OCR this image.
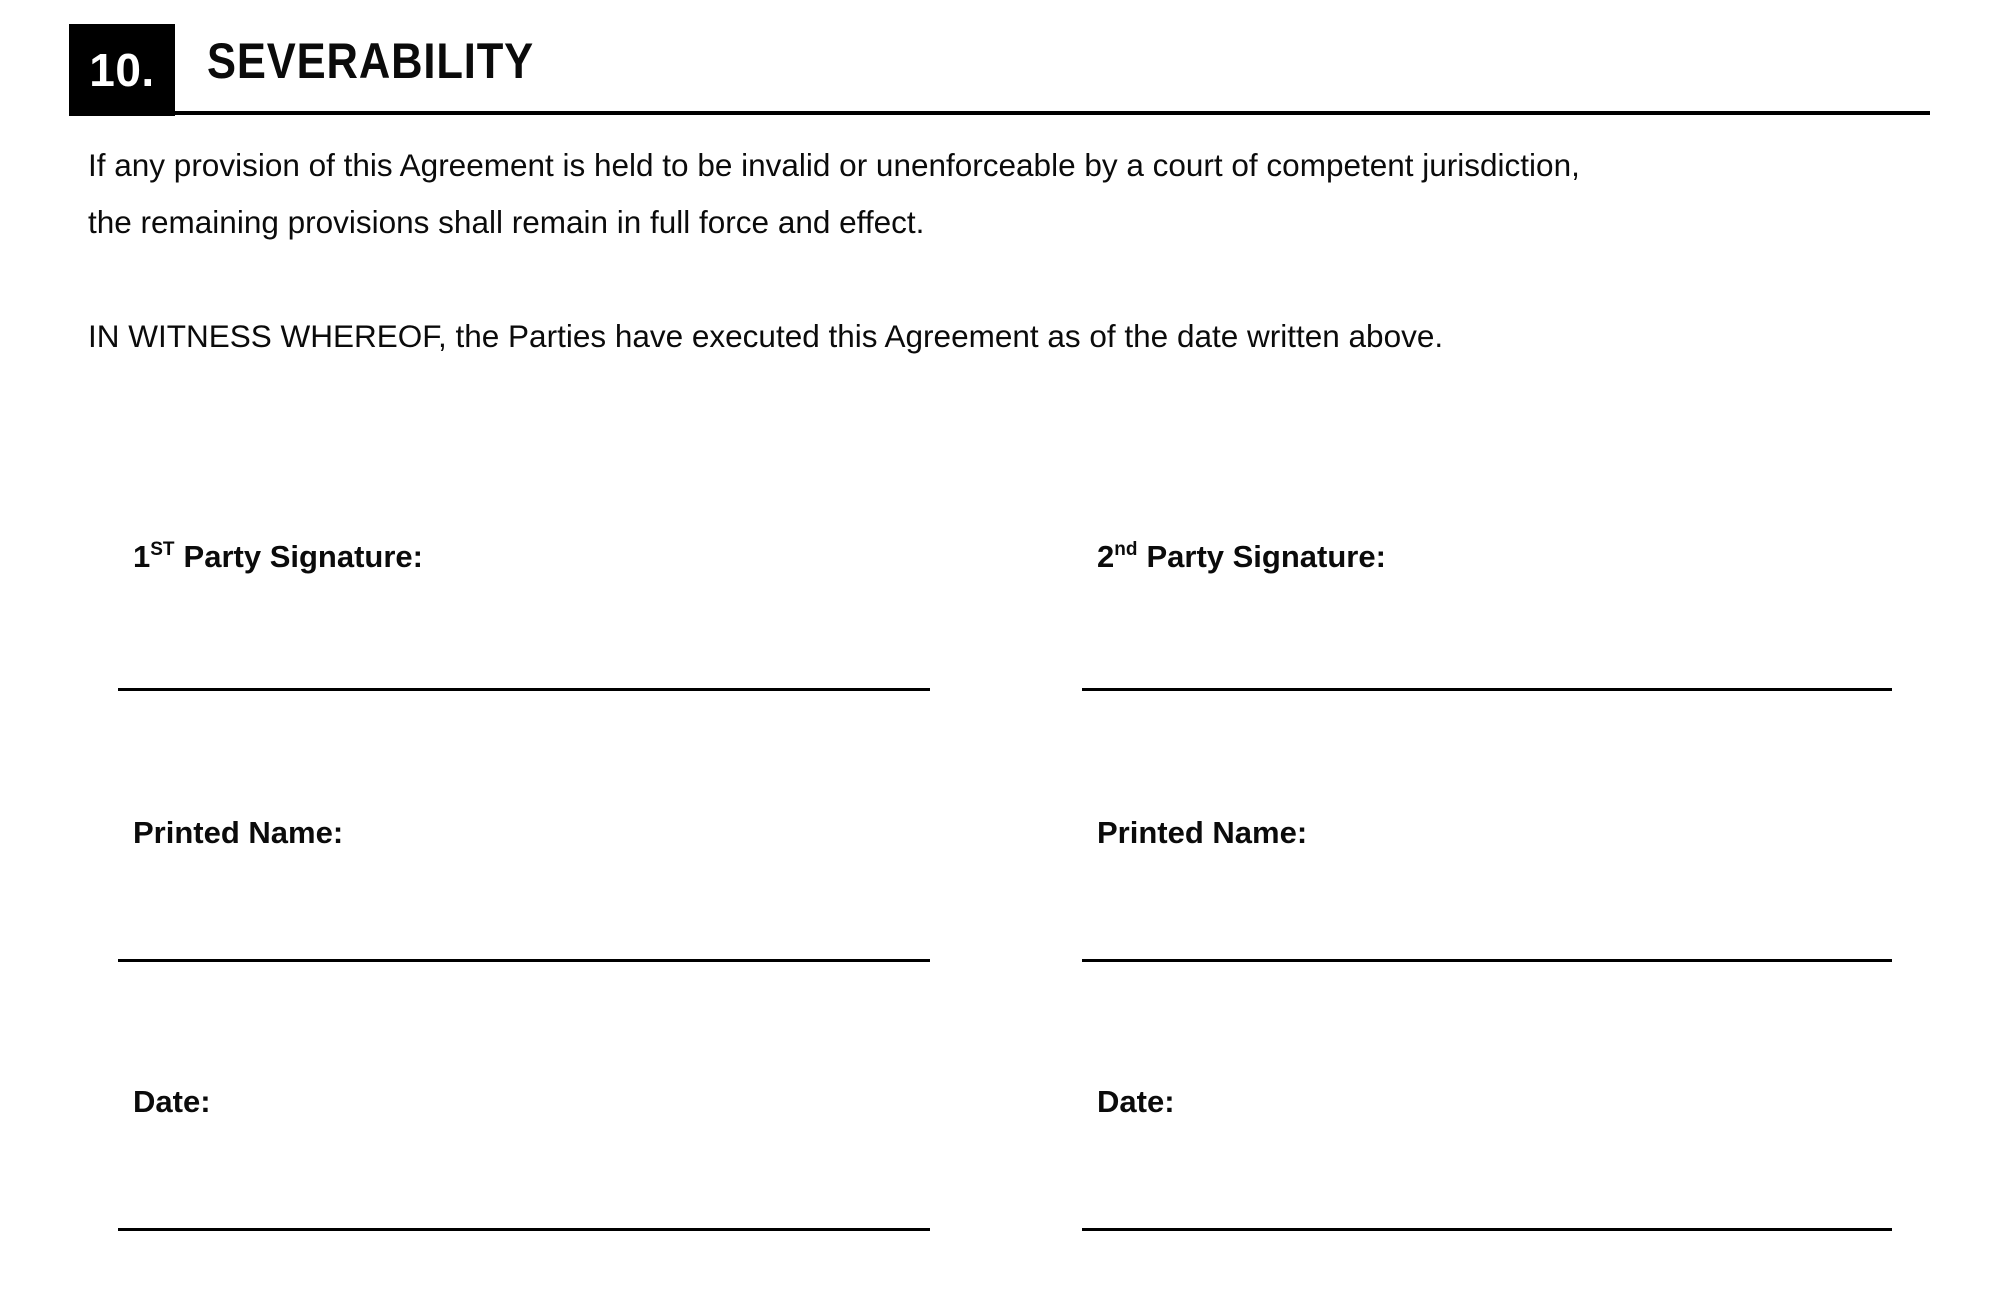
10. SEVERABILITY
If any provision of this Agreement is held to be invalid or unenforceable by a court of competent jurisdiction,
the remaining provisions shall remain in full force and effect.
IN WITNESS WHEREOF, the Parties have executed this Agreement as of the date written above.
1ST Party Signature:
Printed Name:
Date:
2nd Party Signature:
Printed Name:
Date:
